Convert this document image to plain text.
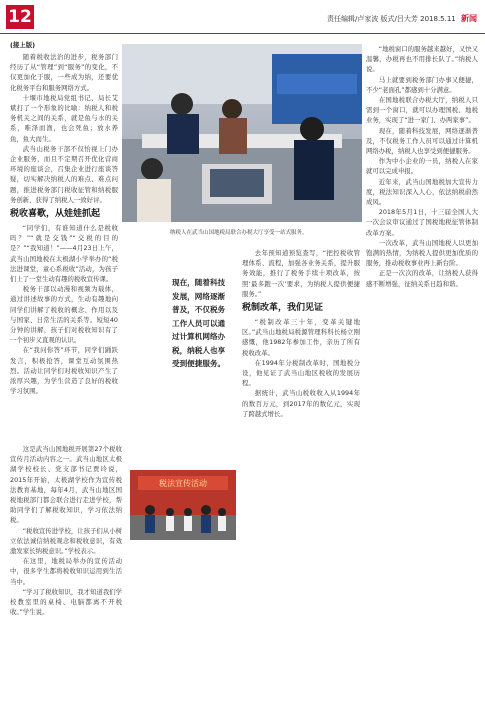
12	责任编辑/卢家波 版式/吕大芳 2018.5.11 新闻
(接上版)

随着税收法治的进步，税务部门经历了从“管理”到“服务”的变化，不仅更加化于服，一些成为纳，还要优化税务平台和服务网络方式。

十堰市地税局党组书记、局长艾斌打了一个形象的比喻：纳税人和税务机关之间的关系，就是鱼与水的关系，唯泽而渔，也会死鱼；放水养鱼，鱼大而生。

武当山税务干部不仅怡视上门办企业服务，而且不定期召开优化营商环境的座谈会，召集企业进行座谈答疑，切实解决纳税人的难点、难点问题，推进税务部门税收征管和纳税服务创新，获得了纳税人一致好评。

税收喜歌，从娃娃抓起

“同学们，有谁知道什么是税收吗？”“就是交钱”“交税的目的是？”“我知道！”——4月23日上午，武当山国地税在太极湖小学举办的“税法进课堂，童心系税收”活动，为孩子们上了一堂生动有趣的税收宣传课。

税务干部以动漫和视频为载体，通过讲述故事的方式，生动有趣地向同学们讲解了税收的概念、作用以及与国家、日常生活的关系等。短短40分钟的讲解，孩子们对税收知识有了一个初步又直观的认识。

在“我问你答”环节，同学们踊跃发言，积极抢答，课堂互动氛围热烈。活动让同学们对税收知识产生了浓厚兴趣，为学生营造了良好的税收学习氛围。

这是武当山国地税开展第27个税收宣传月活动内容之一。武当山地区太极湖学校校长、党支部书记贾玲说，2015年开始，太极湖学校作为宣传税法教育基地，每年4月，武当山地区国税地税部门都会联合进行走进学校，帮助同学们了解税收知识，学习依法纳税。

“税收宣传进学校，让孩子们从小树立依法诚信纳税观念和税收意识，有效激发家长纳税意识。”学校表示。

在这里，地税局举办的宣传活动中，很多学生都将税收知识运用到生活当中。

“学习了税收知识，我才知道我们学校教室里的桌椅、电脑都离不开税收。”学生说。

纳税人在武当山国地税局联合办税大厅享受一站式服务。
现在，随着科技发展，网络逐渐普及，不仅税务工作人员可以通过计算机网络办税，纳税人也享受到便捷服务。

去年预知道预览查写，“把控税收管理体系、流程，加强各业务关系，提升服务效能，推行了税务手续十项改革，按照‘最多跑一次’要求，为纳税人提供便捷服务。”

税制改革，我们见证

“税制改革三十年，变革关键地区。”武当山地税局税源管理科科长杨立刚感慨，他1982年参加工作，亲历了所有税收改革。

在1994年分税制改革时，国地税分设，他见证了武当山地区税收的发展历程。

据统计，武当山税收收入从1994年的数百万元，到2017年的数亿元，实现了跨越式增长。

税法宣传活动

“地税窗口的服务越来越好，又快又温馨，办税再也不用排长队了。”纳税人说。

马上就要到税务部门办事又便捷，不少“老面孔”都感到十分满意。

在国地税联合办税大厅，纳税人只需到一个窗口，就可以办理国税、地税业务，实现了“进一家门、办两家事”。

现在，随着科技发展，网络逐渐普及，不仅税务工作人员可以通过计算机网络办税，纳税人也享受到便捷服务。

作为中小企业的一员，纳税人在家就可以完成申报。

近年来，武当山国地税加大宣传力度，税法知识深入人心，依法纳税蔚然成风。

2018年5月1日，十三届全国人大一次会议审议通过了国税地税征管体制改革方案。

一次改革，武当山国地税人以更加饱满的热情，为纳税人提供更加优质的服务，推动税收事业再上新台阶。

正是一次次的改革，让纳税人获得感不断增强，征纳关系日趋和谐。
